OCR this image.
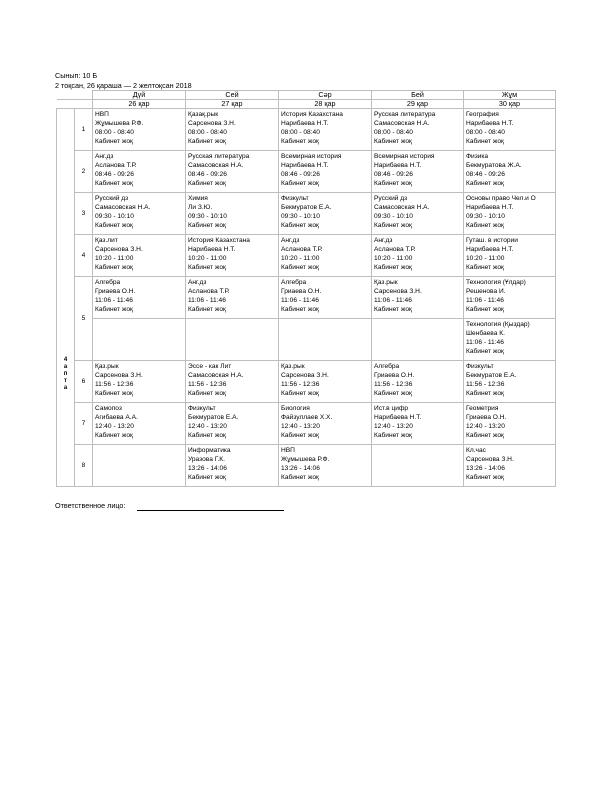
Сынып: 10 Б
2 тоқсан, 26 қараша — 2 желтоқсан 2018
		Дүй	Сей	Сәр	Бей	Жұм
		26 қар	27 қар	28 қар	29 қар	30 қар

4
а
п
т
а	1	НВП
Жұмышева Р.Ф.
08:00 - 08:40
Кабинет жоқ	Қазақ.рык
Сарсенова З.Н.
08:00 - 08:40
Кабинет жоқ	История Казахстана
Нарибаева Н.Т.
08:00 - 08:40
Кабинет жоқ	Русская литература
Самасовская Н.А.
08:00 - 08:40
Кабинет жоқ	География
Нарибаева Н.Т.
08:00 - 08:40
Кабинет жоқ

	2	Анг.дз
Асланова Т.Р.
08:46 - 09:26
Кабинет жоқ	Русская литература
Самасовская Н.А.
08:46 - 09:26
Кабинет жоқ	Всемирная история
Нарибаева Н.Т.
08:46 - 09:26
Кабинет жоқ	Всемирная история
Нарибаева Н.Т.
08:46 - 09:26
Кабинет жоқ	Физика
Бекмуратова Ж.А.
08:46 - 09:26
Кабинет жоқ

	3	Русский дз
Самасовская Н.А.
09:30 - 10:10
Кабинет жоқ	Химия
Ли З.Ю.
09:30 - 10:10
Кабинет жоқ	Физкульт
Бекмуратов Е.А.
09:30 - 10:10
Кабинет жоқ	Русский дз
Самасовская Н.А.
09:30 - 10:10
Кабинет жоқ	Основы право Чел.и О
Нарибаева Н.Т.
09:30 - 10:10
Кабинет жоқ

	4	Қаз.лит
Сарсенова З.Н.
10:20 - 11:00
Кабинет жоқ	История Казахстана
Нарибаева Н.Т.
10:20 - 11:00
Кабинет жоқ	Анг.дз
Асланова Т.Р.
10:20 - 11:00
Кабинет жоқ	Анг.дз
Асланова Т.Р.
10:20 - 11:00
Кабинет жоқ	Гуташ. в истории
Нарибаева Н.Т.
10:20 - 11:00
Кабинет жоқ

	5	Алгебра
Гриаева О.Н.
11:06 - 11:46
Кабинет жоқ	Анг.дз
Асланова Т.Р.
11:06 - 11:46
Кабинет жоқ	Алгебра
Гриаева О.Н.
11:06 - 11:46
Кабинет жоқ	Қаз.рык
Сарсенова З.Н.
11:06 - 11:46
Кабинет жоқ	Технология (Ұлдар)
Решенова И.
11:06 - 11:46
Кабинет жоқ

						Технология (Қыздар)
Шенбаева К.
11:06 - 11:46
Кабинет жоқ

	6	Қаз.рык
Сарсенова З.Н.
11:56 - 12:36
Кабинет жоқ	Эссе - как Лит
Самасовская Н.А.
11:56 - 12:36
Кабинет жоқ	Қаз.рык
Сарсенова З.Н.
11:56 - 12:36
Кабинет жоқ	Алгебра
Гриаева О.Н.
11:56 - 12:36
Кабинет жоқ	Физкульт
Бекмуратов Е.А.
11:56 - 12:36
Кабинет жоқ

	7	Самопоз
Агибаева А.А.
12:40 - 13:20
Кабинет жоқ	Физкульт
Бекмуратов Е.А.
12:40 - 13:20
Кабинет жоқ	Биология
Файзуллаев Х.Х.
12:40 - 13:20
Кабинет жоқ	Ист.в цифр
Нарибаева Н.Т.
12:40 - 13:20
Кабинет жоқ	Геометрия
Гриаева О.Н.
12:40 - 13:20
Кабинет жоқ

	8		Информатика
Уразова Г.К.
13:26 - 14:06
Кабинет жоқ	НВП
Жұмышева Р.Ф.
13:26 - 14:06
Кабинет жоқ		Кл.час
Сарсенова З.Н.
13:26 - 14:06
Кабинет жоқ
Ответственное лицо:
